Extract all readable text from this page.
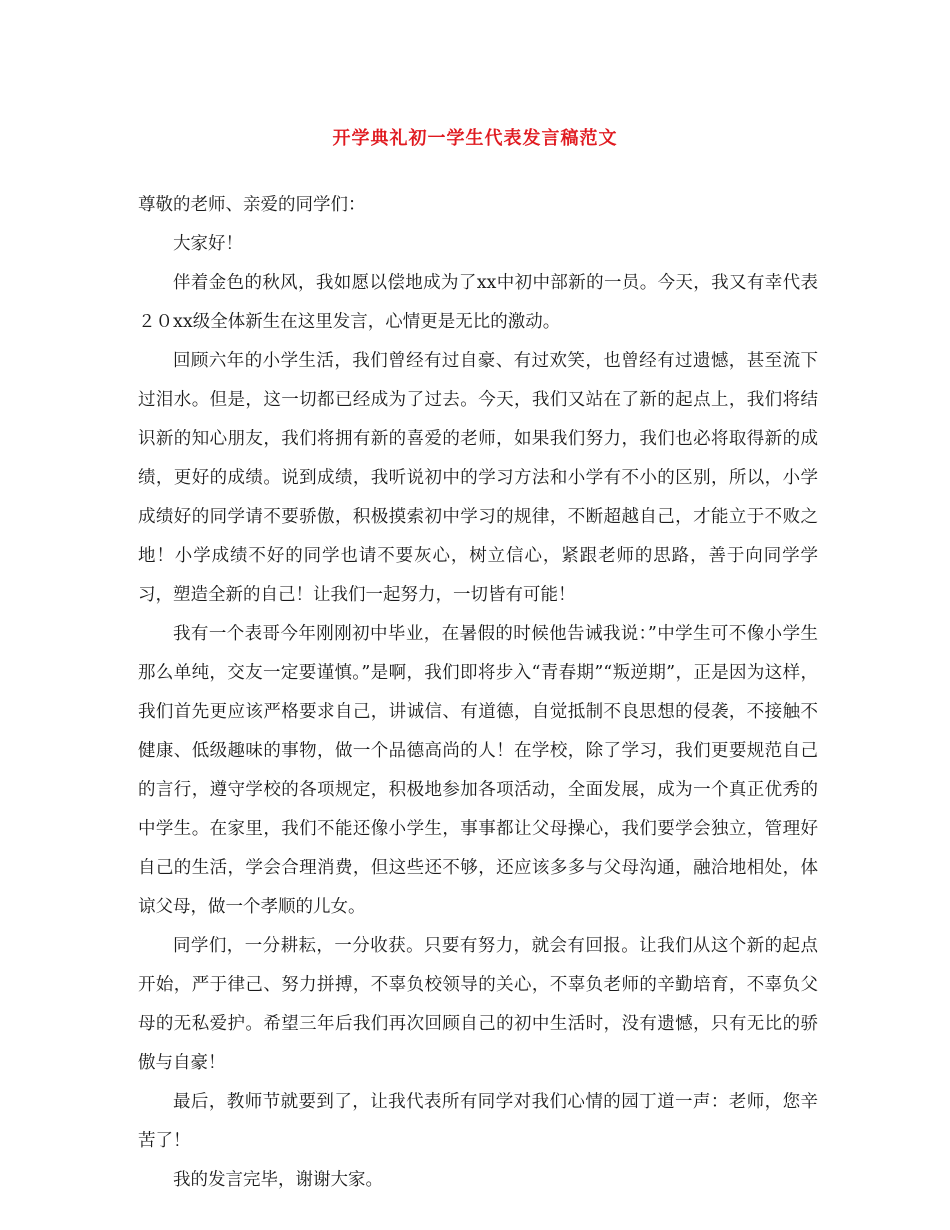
开学典礼初一学生代表发言稿范文

尊敬的老师、亲爱的同学们：

大家好！

伴着金色的秋风，我如愿以偿地成为了xx中初中部新的一员。今天，我又有幸代表２０xx级全体新生在这里发言，心情更是无比的激动。

回顾六年的小学生活，我们曾经有过自豪、有过欢笑，也曾经有过遗憾，甚至流下过泪水。但是，这一切都已经成为了过去。今天，我们又站在了新的起点上，我们将结识新的知心朋友，我们将拥有新的喜爱的老师，如果我们努力，我们也必将取得新的成绩，更好的成绩。说到成绩，我听说初中的学习方法和小学有不小的区别，所以，小学成绩好的同学请不要骄傲，积极摸索初中学习的规律，不断超越自己，才能立于不败之地！小学成绩不好的同学也请不要灰心，树立信心，紧跟老师的思路，善于向同学学习，塑造全新的自己！让我们一起努力，一切皆有可能！

我有一个表哥今年刚刚初中毕业，在暑假的时候他告诫我说：”中学生可不像小学生那么单纯，交友一定要谨慎。”是啊，我们即将步入“青春期”“叛逆期”，正是因为这样，我们首先更应该严格要求自己，讲诚信、有道德，自觉抵制不良思想的侵袭，不接触不健康、低级趣味的事物，做一个品德高尚的人！在学校，除了学习，我们更要规范自己的言行，遵守学校的各项规定，积极地参加各项活动，全面发展，成为一个真正优秀的中学生。在家里，我们不能还像小学生，事事都让父母操心，我们要学会独立，管理好自己的生活，学会合理消费，但这些还不够，还应该多多与父母沟通，融洽地相处，体谅父母，做一个孝顺的儿女。

同学们，一分耕耘，一分收获。只要有努力，就会有回报。让我们从这个新的起点开始，严于律己、努力拼搏，不辜负校领导的关心，不辜负老师的辛勤培育，不辜负父母的无私爱护。希望三年后我们再次回顾自己的初中生活时，没有遗憾，只有无比的骄傲与自豪！

最后，教师节就要到了，让我代表所有同学对我们心情的园丁道一声：老师，您辛苦了！

我的发言完毕，谢谢大家。
